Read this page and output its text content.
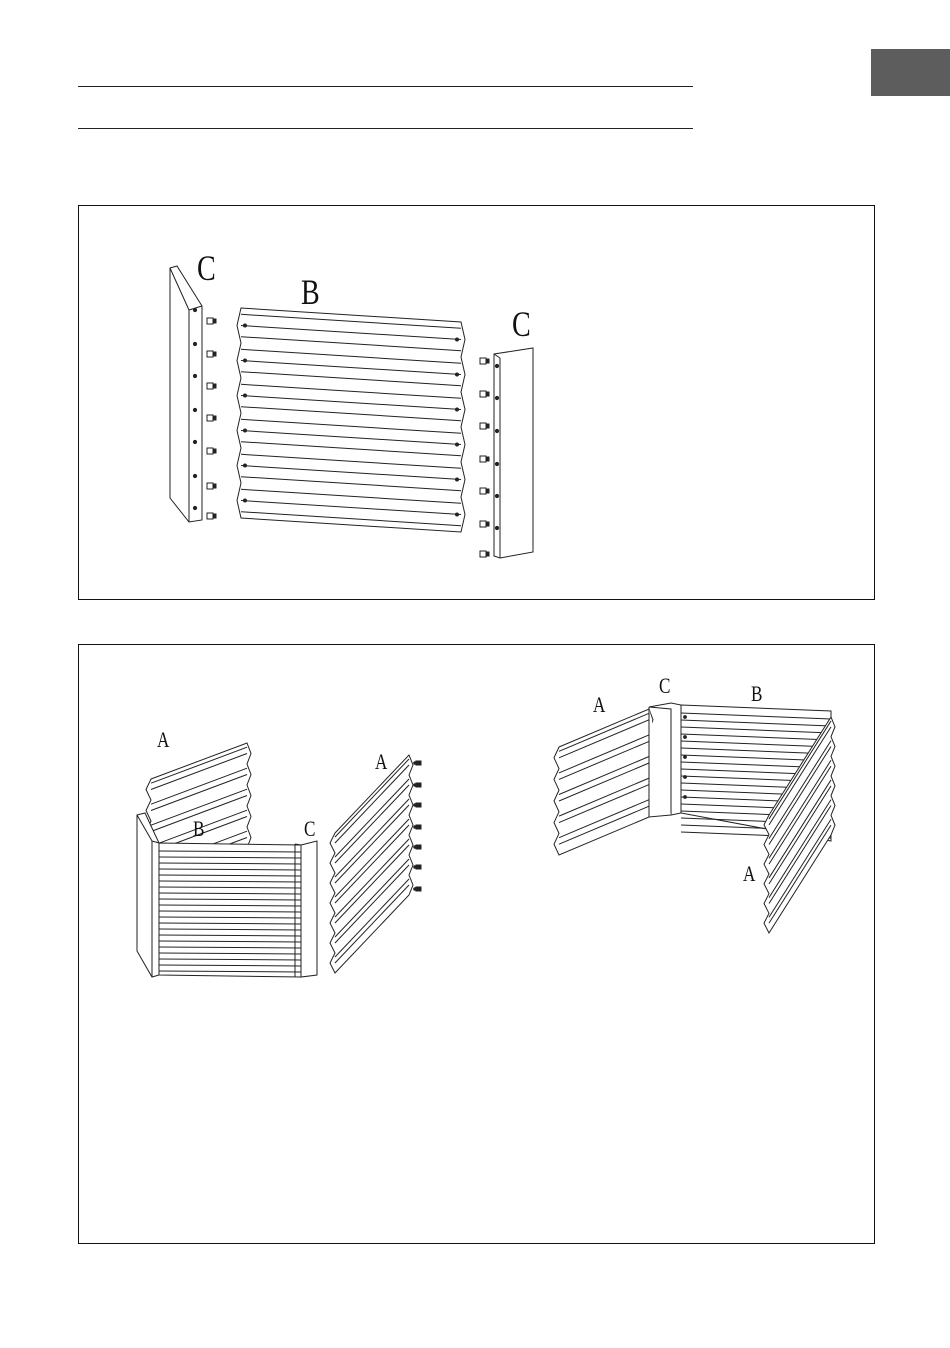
C
B
C
A
B	C
A
A
C	B
A
